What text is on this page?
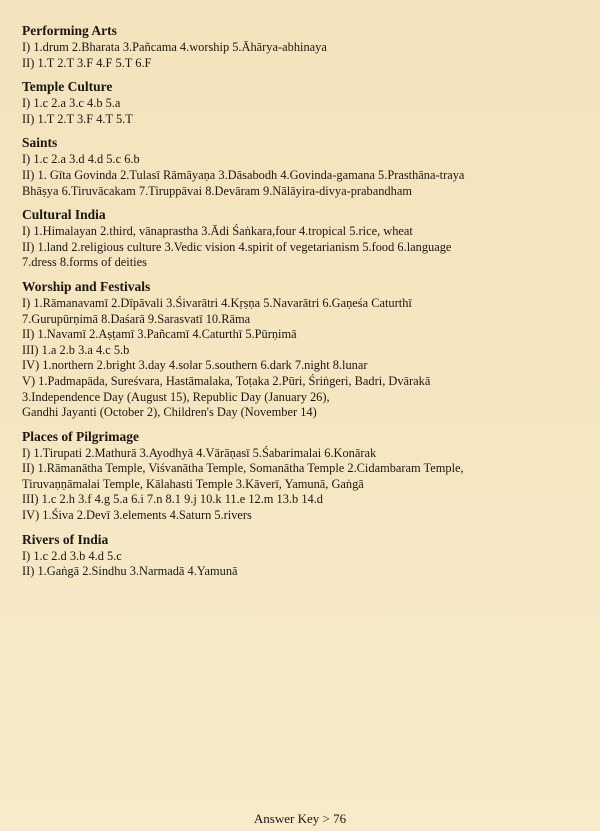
Performing Arts

I) 1.drum 2.Bharata 3.Pañcama 4.worship 5.Āhārya-abhinaya

II) 1.T 2.T 3.F 4.F 5.T 6.F

Temple Culture

I) 1.c 2.a 3.c 4.b 5.a

II) 1.T 2.T 3.F 4.T 5.T

Saints

I) 1.c 2.a 3.d 4.d 5.c 6.b

II) 1. Gīta Govinda 2.Tulasī Rāmāyaṇa 3.Dāsabodh 4.Govinda-gamana 5.Prasthāna-traya

Bhāṣya 6.Tiruvācakam 7.Tiruppāvai 8.Devāram 9.Nālāyira-divya-prabandham

Cultural India

I) 1.Himalayan 2.third, vānaprastha 3.Ādi Śaṅkara,four 4.tropical 5.rice, wheat

II) 1.land 2.religious culture 3.Vedic vision 4.spirit of vegetarianism 5.food 6.language

7.dress 8.forms of deities

Worship and Festivals

I) 1.Rāmanavamī 2.Dīpāvali 3.Śivarātri 4.Kṛṣṇa 5.Navarātri 6.Gaṇeśa Caturthī

7.Gurupūrṇimā 8.Daśarā 9.Sarasvatī 10.Rāma

II) 1.Navamī 2.Aṣṭamī 3.Pañcamī 4.Caturthī 5.Pūrṇimā

III) 1.a 2.b 3.a 4.c 5.b

IV) 1.northern 2.bright 3.day 4.solar 5.southern 6.dark 7.night 8.lunar

V) 1.Padmapāda, Sureśvara, Hastāmalaka, Toṭaka 2.Pūri, Śriṅgeri, Badri, Dvārakā

3.Independence Day (August 15), Republic Day (January 26),

Gandhi Jayanti (October 2), Children's Day (November 14)

Places of Pilgrimage

I) 1.Tirupati 2.Mathurā 3.Ayodhyā 4.Vārāṇasī 5.Śabarimalai 6.Konārak

II) 1.Rāmanātha Temple, Viśvanātha Temple, Somanātha Temple 2.Cidambaram Temple,

Tiruvaṇṇāmalai Temple, Kālahasti Temple 3.Kāverī, Yamunā, Gaṅgā

III) 1.c 2.h 3.f 4.g 5.a 6.i 7.n 8.1 9.j 10.k 11.e 12.m 13.b 14.d

IV) 1.Śiva 2.Devī 3.elements 4.Saturn 5.rivers

Rivers of India

I) 1.c 2.d 3.b 4.d 5.c

II) 1.Gaṅgā 2.Sindhu 3.Narmadā 4.Yamunā

Answer Key > 76
